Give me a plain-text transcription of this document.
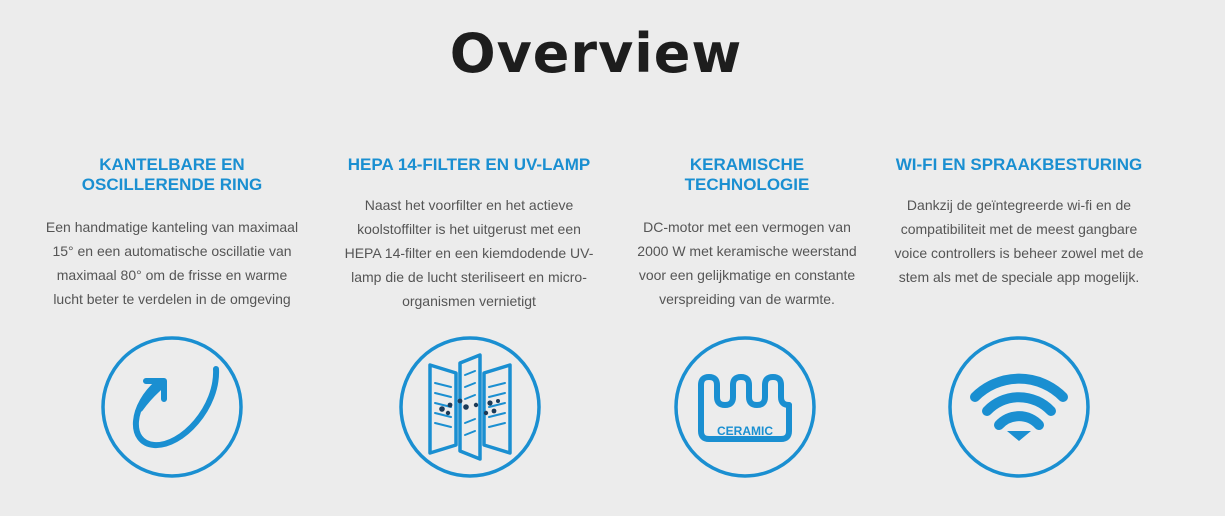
Overview
KANTELBARE EN
OSCILLERENDE RING

Een handmatige kanteling van maximaal
15° en een automatische oscillatie van
maximaal 80° om de frisse en warme
lucht beter te verdelen in de omgeving

HEPA 14-FILTER EN UV-LAMP

Naast het voorfilter en het actieve
koolstoffilter is het uitgerust met een
HEPA 14-filter en een kiemdodende UV-
lamp die de lucht steriliseert en micro-
organismen vernietigt

KERAMISCHE
TECHNOLOGIE

DC-motor met een vermogen van
2000 W met keramische weerstand
voor een gelijkmatige en constante
verspreiding van de warmte.

WI-FI EN SPRAAKBESTURING

Dankzij de geïntegreerde wi-fi en de
compatibiliteit met de meest gangbare
voice controllers is beheer zowel met de
stem als met de speciale app mogelijk.

CERAMIC
